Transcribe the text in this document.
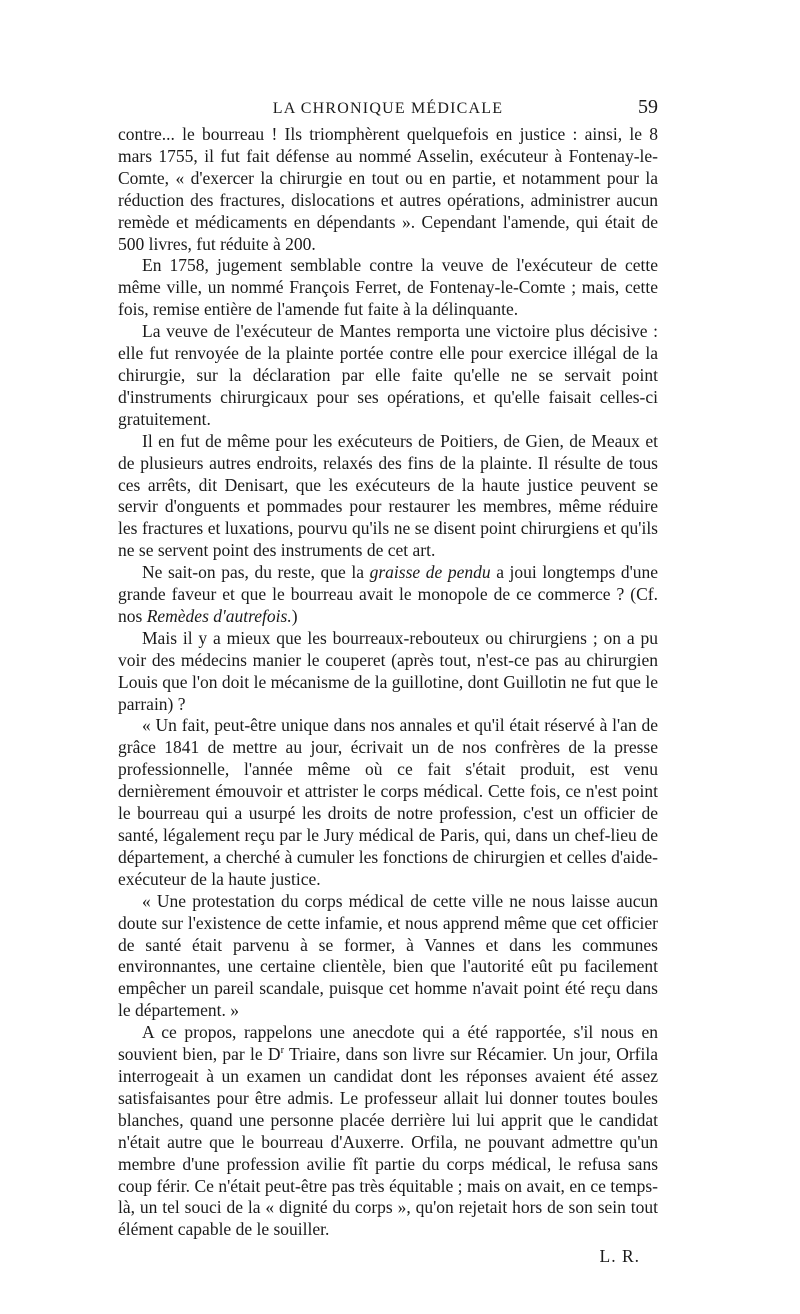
LA CHRONIQUE MÉDICALE	59

contre... le bourreau ! Ils triomphèrent quelquefois en justice : ainsi, le 8 mars 1755, il fut fait défense au nommé Asselin, exécuteur à Fontenay-le-Comte, « d'exercer la chirurgie en tout ou en partie, et notamment pour la réduction des fractures, dislocations et autres opérations, administrer aucun remède et médicaments en dépendants ». Cependant l'amende, qui était de 500 livres, fut réduite à 200.

En 1758, jugement semblable contre la veuve de l'exécuteur de cette même ville, un nommé François Ferret, de Fontenay-le-Comte ; mais, cette fois, remise entière de l'amende fut faite à la délinquante.

La veuve de l'exécuteur de Mantes remporta une victoire plus décisive : elle fut renvoyée de la plainte portée contre elle pour exercice illégal de la chirurgie, sur la déclaration par elle faite qu'elle ne se servait point d'instruments chirurgicaux pour ses opérations, et qu'elle faisait celles-ci gratuitement.

Il en fut de même pour les exécuteurs de Poitiers, de Gien, de Meaux et de plusieurs autres endroits, relaxés des fins de la plainte. Il résulte de tous ces arrêts, dit Denisart, que les exécuteurs de la haute justice peuvent se servir d'onguents et pommades pour restaurer les membres, même réduire les fractures et luxations, pourvu qu'ils ne se disent point chirurgiens et qu'ils ne se servent point des instruments de cet art.

Ne sait-on pas, du reste, que la graisse de pendu a joui longtemps d'une grande faveur et que le bourreau avait le monopole de ce commerce ? (Cf. nos Remèdes d'autrefois.)

Mais il y a mieux que les bourreaux-rebouteux ou chirurgiens ; on a pu voir des médecins manier le couperet (après tout, n'est-ce pas au chirurgien Louis que l'on doit le mécanisme de la guillotine, dont Guillotin ne fut que le parrain) ?

« Un fait, peut-être unique dans nos annales et qu'il était réservé à l'an de grâce 1841 de mettre au jour, écrivait un de nos confrères de la presse professionnelle, l'année même où ce fait s'était produit, est venu dernièrement émouvoir et attrister le corps médical. Cette fois, ce n'est point le bourreau qui a usurpé les droits de notre profession, c'est un officier de santé, légalement reçu par le Jury médical de Paris, qui, dans un chef-lieu de département, a cherché à cumuler les fonctions de chirurgien et celles d'aide-exécuteur de la haute justice.

« Une protestation du corps médical de cette ville ne nous laisse aucun doute sur l'existence de cette infamie, et nous apprend même que cet officier de santé était parvenu à se former, à Vannes et dans les communes environnantes, une certaine clientèle, bien que l'autorité eût pu facilement empêcher un pareil scandale, puisque cet homme n'avait point été reçu dans le département. »

A ce propos, rappelons une anecdote qui a été rapportée, s'il nous en souvient bien, par le $D^r$ Triaire, dans son livre sur Récamier. Un jour, Orfila interrogeait à un examen un candidat dont les réponses avaient été assez satisfaisantes pour être admis. Le professeur allait lui donner toutes boules blanches, quand une personne placée derrière lui lui apprit que le candidat n'était autre que le bourreau d'Auxerre. Orfila, ne pouvant admettre qu'un membre d'une profession avilie fît partie du corps médical, le refusa sans coup férir. Ce n'était peut-être pas très équitable ; mais on avait, en ce temps-là, un tel souci de la « dignité du corps », qu'on rejetait hors de son sein tout élément capable de le souiller.

L. R.
